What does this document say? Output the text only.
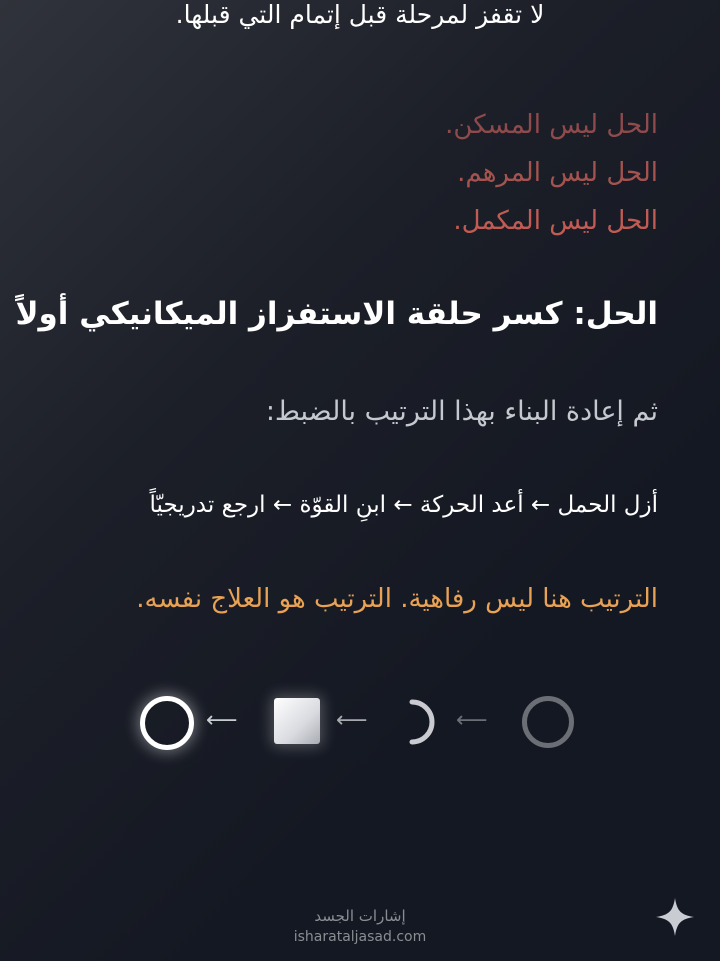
الحل ليس المسكن.
الحل ليس المرهم.
الحل ليس المكمل.
الحل: كسر حلقة الاستفزاز الميكانيكي أولاً
ثم إعادة البناء بهذا الترتيب بالضبط:
أزل الحمل ← أعد الحركة ← ابنِ القوّة ← ارجع تدريجيّاً
الترتيب هنا ليس رفاهية. الترتيب هو العلاج نفسه.
⟵	⟵	⟵
لا تقفز لمرحلة قبل إتمام التي قبلها.
إشارات الجسد
isharataljasad.com
